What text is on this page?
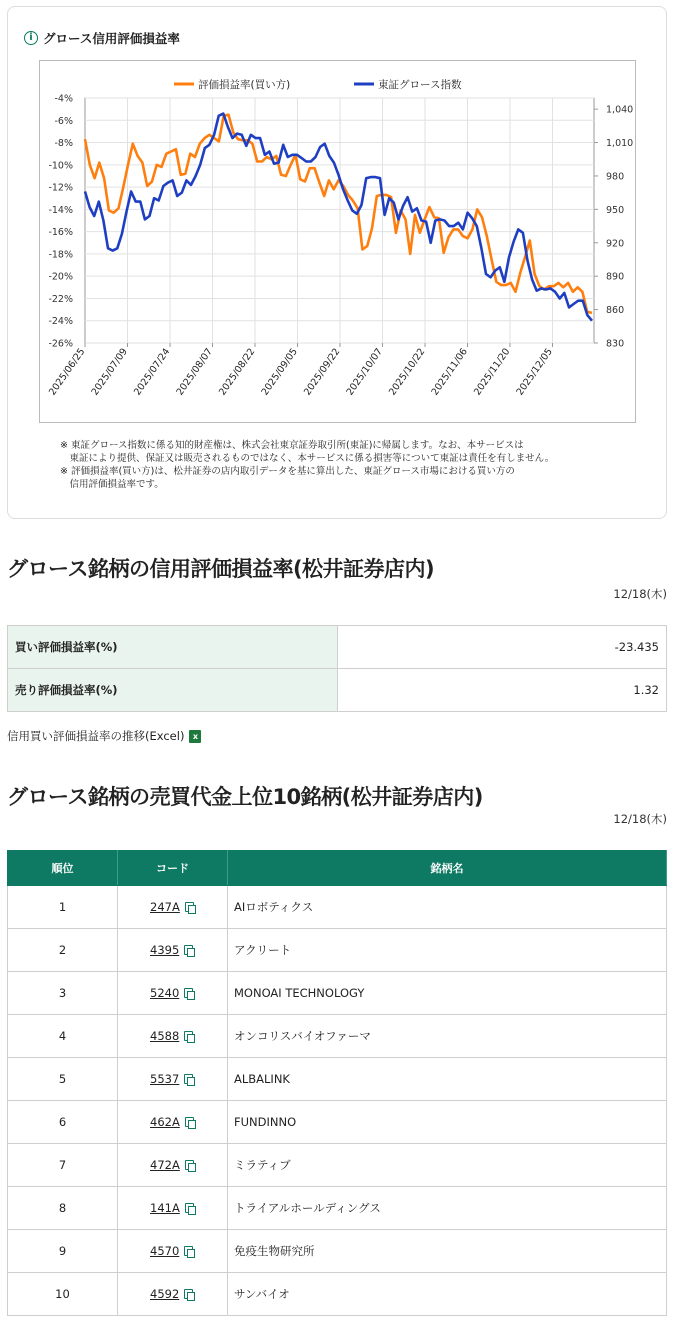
i グロース信用評価損益率
-4%
-6%
-8%
-10%
-12%
-14%
-16%
-18%
-20%
-22%
-24%
-26%
1,040
1,010
980
950
920
890
860
830
2025/06/25 2025/07/09 2025/07/24 2025/08/07 2025/08/22 2025/09/05 2025/09/22 2025/10/07 2025/10/22 2025/11/06 2025/11/20 2025/12/05
評価損益率(買い方)	東証グロース指数

※ 東証グロース指数に係る知的財産権は、株式会社東京証券取引所(東証)に帰属します。なお、本サービスは

　東証により提供、保証又は販売されるものではなく、本サービスに係る損害等について東証は責任を有しません。

※ 評価損益率(買い方)は、松井証券の店内取引データを基に算出した、東証グロース市場における買い方の

　信用評価損益率です。

グロース銘柄の信用評価損益率(松井証券店内)
12/18(木)
買い評価損益率(%)	-23.435
売り評価損益率(%)	1.32
信用買い評価損益率の推移(Excel)	x
グロース銘柄の売買代金上位10銘柄(松井証券店内)
12/18(木)
順位	コード	銘柄名
1	247A	AIロボティクス
2	4395	アクリート
3	5240	MONOAI TECHNOLOGY
4	4588	オンコリスバイオファーマ
5	5537	ALBALINK
6	462A	FUNDINNO
7	472A	ミラティブ
8	141A	トライアルホールディングス
9	4570	免疫生物研究所
10	4592	サンバイオ
